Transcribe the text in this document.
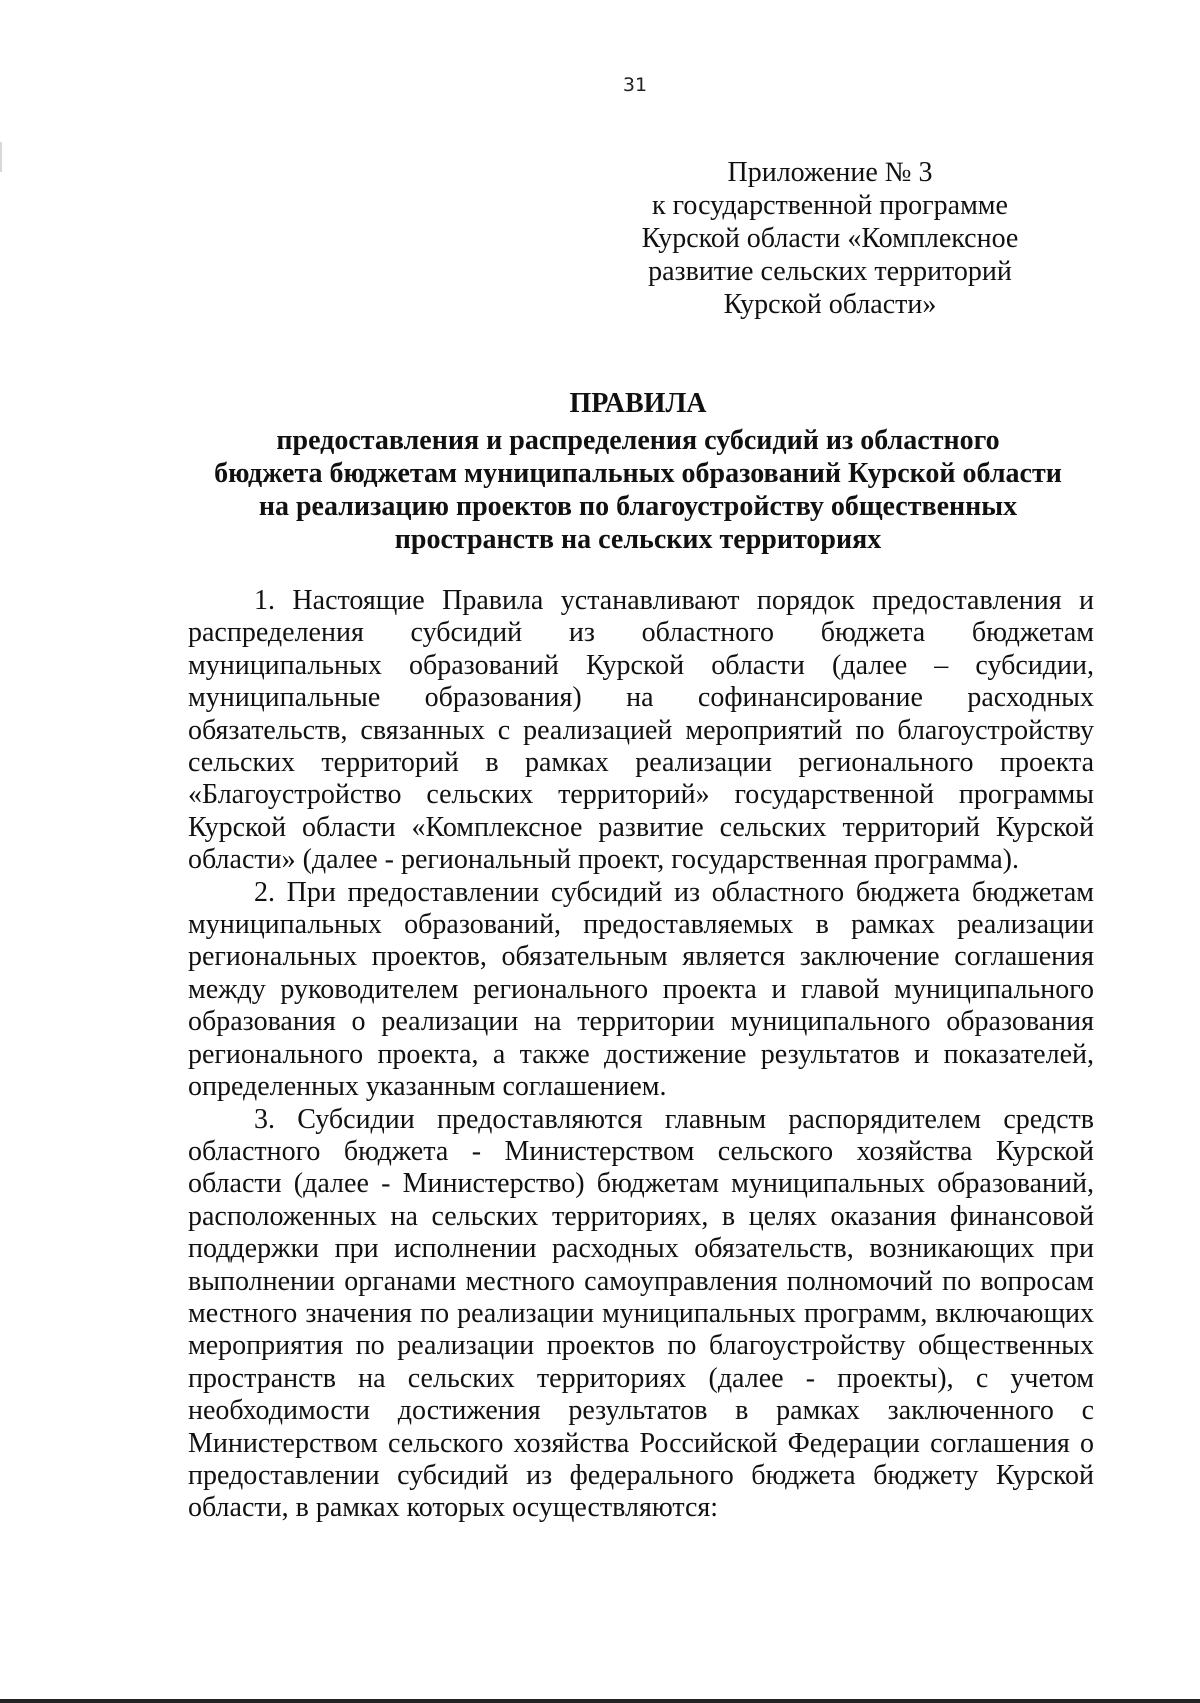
31
Приложение № 3
к государственной программе
Курской области «Комплексное
развитие сельских территорий
Курской области»
ПРАВИЛА
предоставления и распределения субсидий из областного
бюджета бюджетам муниципальных образований Курской области
на реализацию проектов по благоустройству общественных
пространств на сельских территориях
1. Настоящие Правила устанавливают порядок предоставления и
распределения субсидий из областного бюджета бюджетам
муниципальных образований Курской области (далее – субсидии,
муниципальные образования) на софинансирование расходных
обязательств, связанных с реализацией мероприятий по благоустройству
сельских территорий в рамках реализации регионального проекта
«Благоустройство сельских территорий» государственной программы
Курской области «Комплексное развитие сельских территорий Курской
области» (далее - региональный проект, государственная программа).
2. При предоставлении субсидий из областного бюджета бюджетам
муниципальных образований, предоставляемых в рамках реализации
региональных проектов, обязательным является заключение соглашения
между руководителем регионального проекта и главой муниципального
образования о реализации на территории муниципального образования
регионального проекта, а также достижение результатов и показателей,
определенных указанным соглашением.
3. Субсидии предоставляются главным распорядителем средств
областного бюджета - Министерством сельского хозяйства Курской
области (далее - Министерство) бюджетам муниципальных образований,
расположенных на сельских территориях, в целях оказания финансовой
поддержки при исполнении расходных обязательств, возникающих при
выполнении органами местного самоуправления полномочий по вопросам
местного значения по реализации муниципальных программ, включающих
мероприятия по реализации проектов по благоустройству общественных
пространств на сельских территориях (далее - проекты), с учетом
необходимости достижения результатов в рамках заключенного с
Министерством сельского хозяйства Российской Федерации соглашения о
предоставлении субсидий из федерального бюджета бюджету Курской
области, в рамках которых осуществляются:
